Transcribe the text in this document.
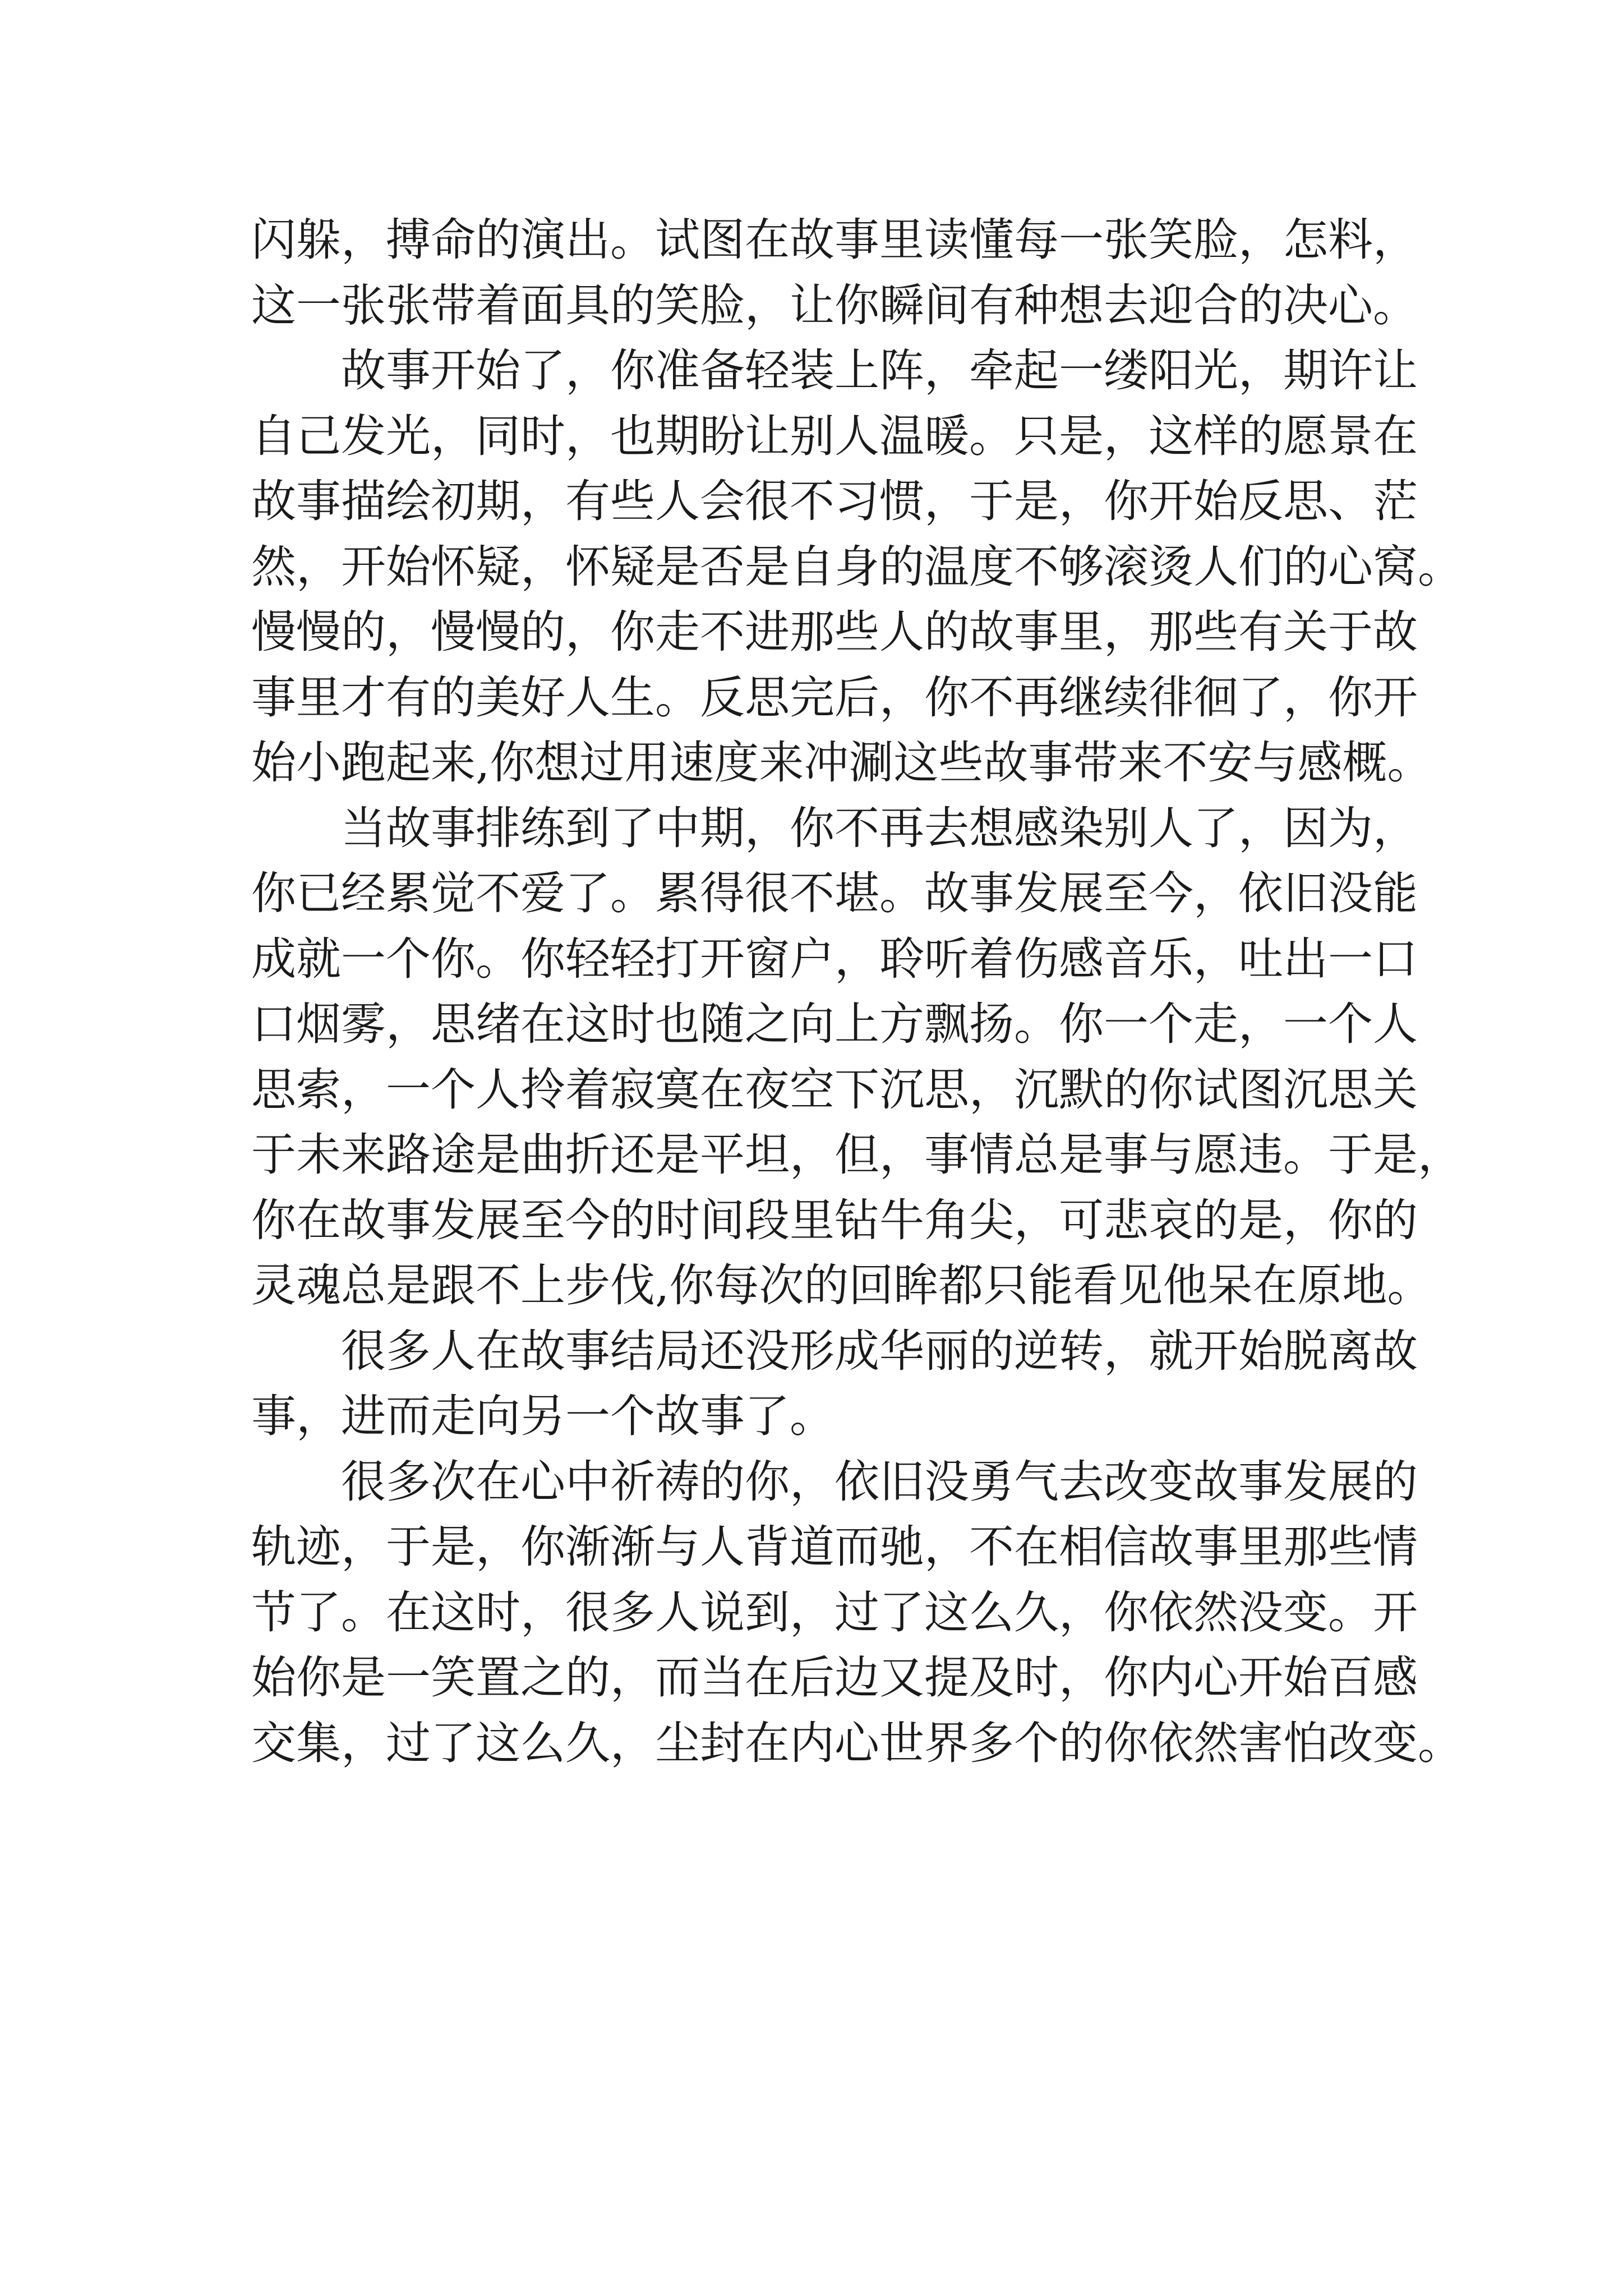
闪躲，搏命的演出。试图在故事里读懂每一张笑脸，怎料，
这一张张带着面具的笑脸，让你瞬间有种想去迎合的决心。
故事开始了，你准备轻装上阵，牵起一缕阳光，期许让
自己发光，同时，也期盼让别人温暖。只是，这样的愿景在
故事描绘初期，有些人会很不习惯，于是，你开始反思、茫
然，开始怀疑，怀疑是否是自身的温度不够滚烫人们的心窝。
慢慢的，慢慢的，你走不进那些人的故事里，那些有关于故
事里才有的美好人生。反思完后，你不再继续徘徊了，你开
始小跑起来,你想过用速度来冲涮这些故事带来不安与感概。
当故事排练到了中期，你不再去想感染别人了，因为，
你已经累觉不爱了。累得很不堪。故事发展至今，依旧没能
成就一个你。你轻轻打开窗户，聆听着伤感音乐，吐出一口
口烟雾，思绪在这时也随之向上方飘扬。你一个走，一个人
思索，一个人拎着寂寞在夜空下沉思，沉默的你试图沉思关
于未来路途是曲折还是平坦，但，事情总是事与愿违。于是，
你在故事发展至今的时间段里钻牛角尖，可悲哀的是，你的
灵魂总是跟不上步伐,你每次的回眸都只能看见他呆在原地。
很多人在故事结局还没形成华丽的逆转，就开始脱离故
事，进而走向另一个故事了。
很多次在心中祈祷的你，依旧没勇气去改变故事发展的
轨迹，于是，你渐渐与人背道而驰，不在相信故事里那些情
节了。在这时，很多人说到，过了这么久，你依然没变。开
始你是一笑置之的，而当在后边又提及时，你内心开始百感
交集，过了这么久，尘封在内心世界多个的你依然害怕改变。
